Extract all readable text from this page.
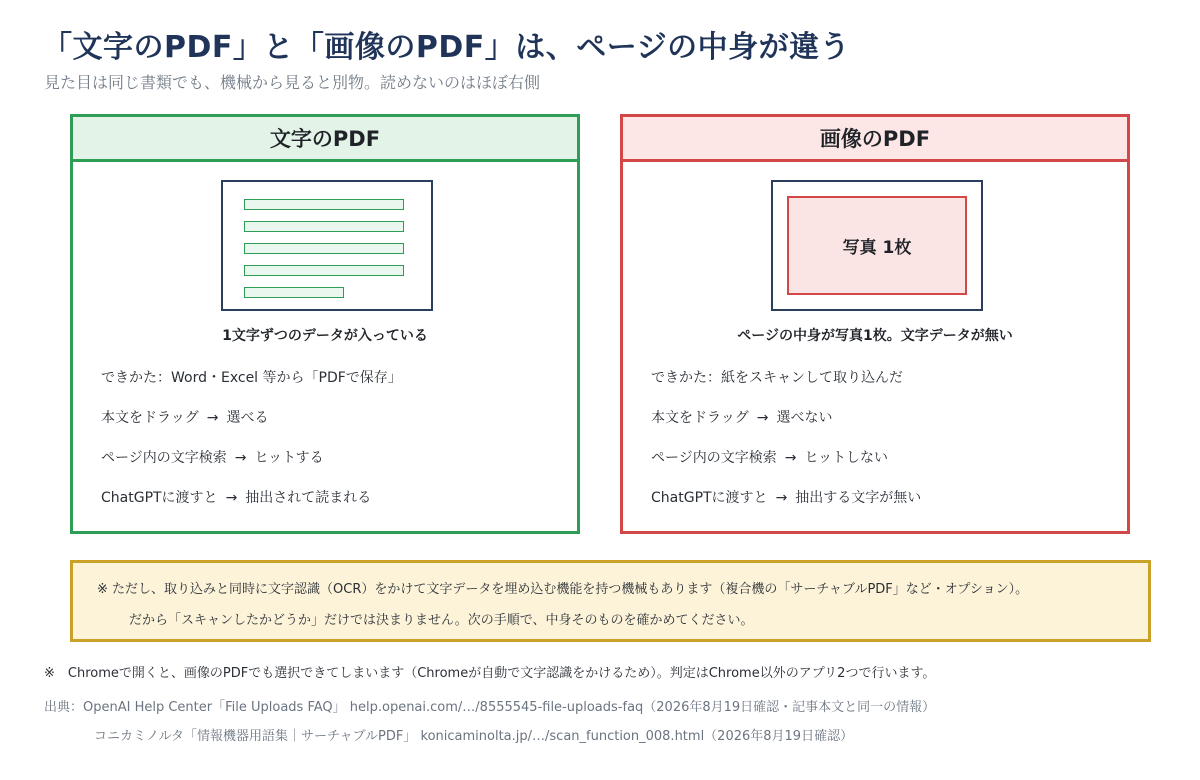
「文字のPDF」と「画像のPDF」は、ページの中身が違う
見た目は同じ書類でも、機械から見ると別物。読めないのはほぼ右側
文字のPDF
1文字ずつのデータが入っている
できかた：Word・Excel 等から「PDFで保存」
本文をドラッグ → 選べる
ページ内の文字検索 → ヒットする
ChatGPTに渡すと → 抽出されて読まれる
画像のPDF
写真 1枚
ページの中身が写真1枚。文字データが無い
できかた：紙をスキャンして取り込んだ
本文をドラッグ → 選べない
ページ内の文字検索 → ヒットしない
ChatGPTに渡すと → 抽出する文字が無い
※ ただし、取り込みと同時に文字認識（OCR）をかけて文字データを埋め込む機能を持つ機械もあります（複合機の「サーチャブルPDF」など・オプション）。
だから「スキャンしたかどうか」だけでは決まりません。次の手順で、中身そのものを確かめてください。
※　Chromeで開くと、画像のPDFでも選択できてしまいます（Chromeが自動で文字認識をかけるため）。判定はChrome以外のアプリ2つで行います。
出典：OpenAI Help Center「File Uploads FAQ」 help.openai.com/…/8555545-file-uploads-faq（2026年8月19日確認・記事本文と同一の情報）
コニカミノルタ「情報機器用語集｜サーチャブルPDF」 konicaminolta.jp/…/scan_function_008.html（2026年8月19日確認）
